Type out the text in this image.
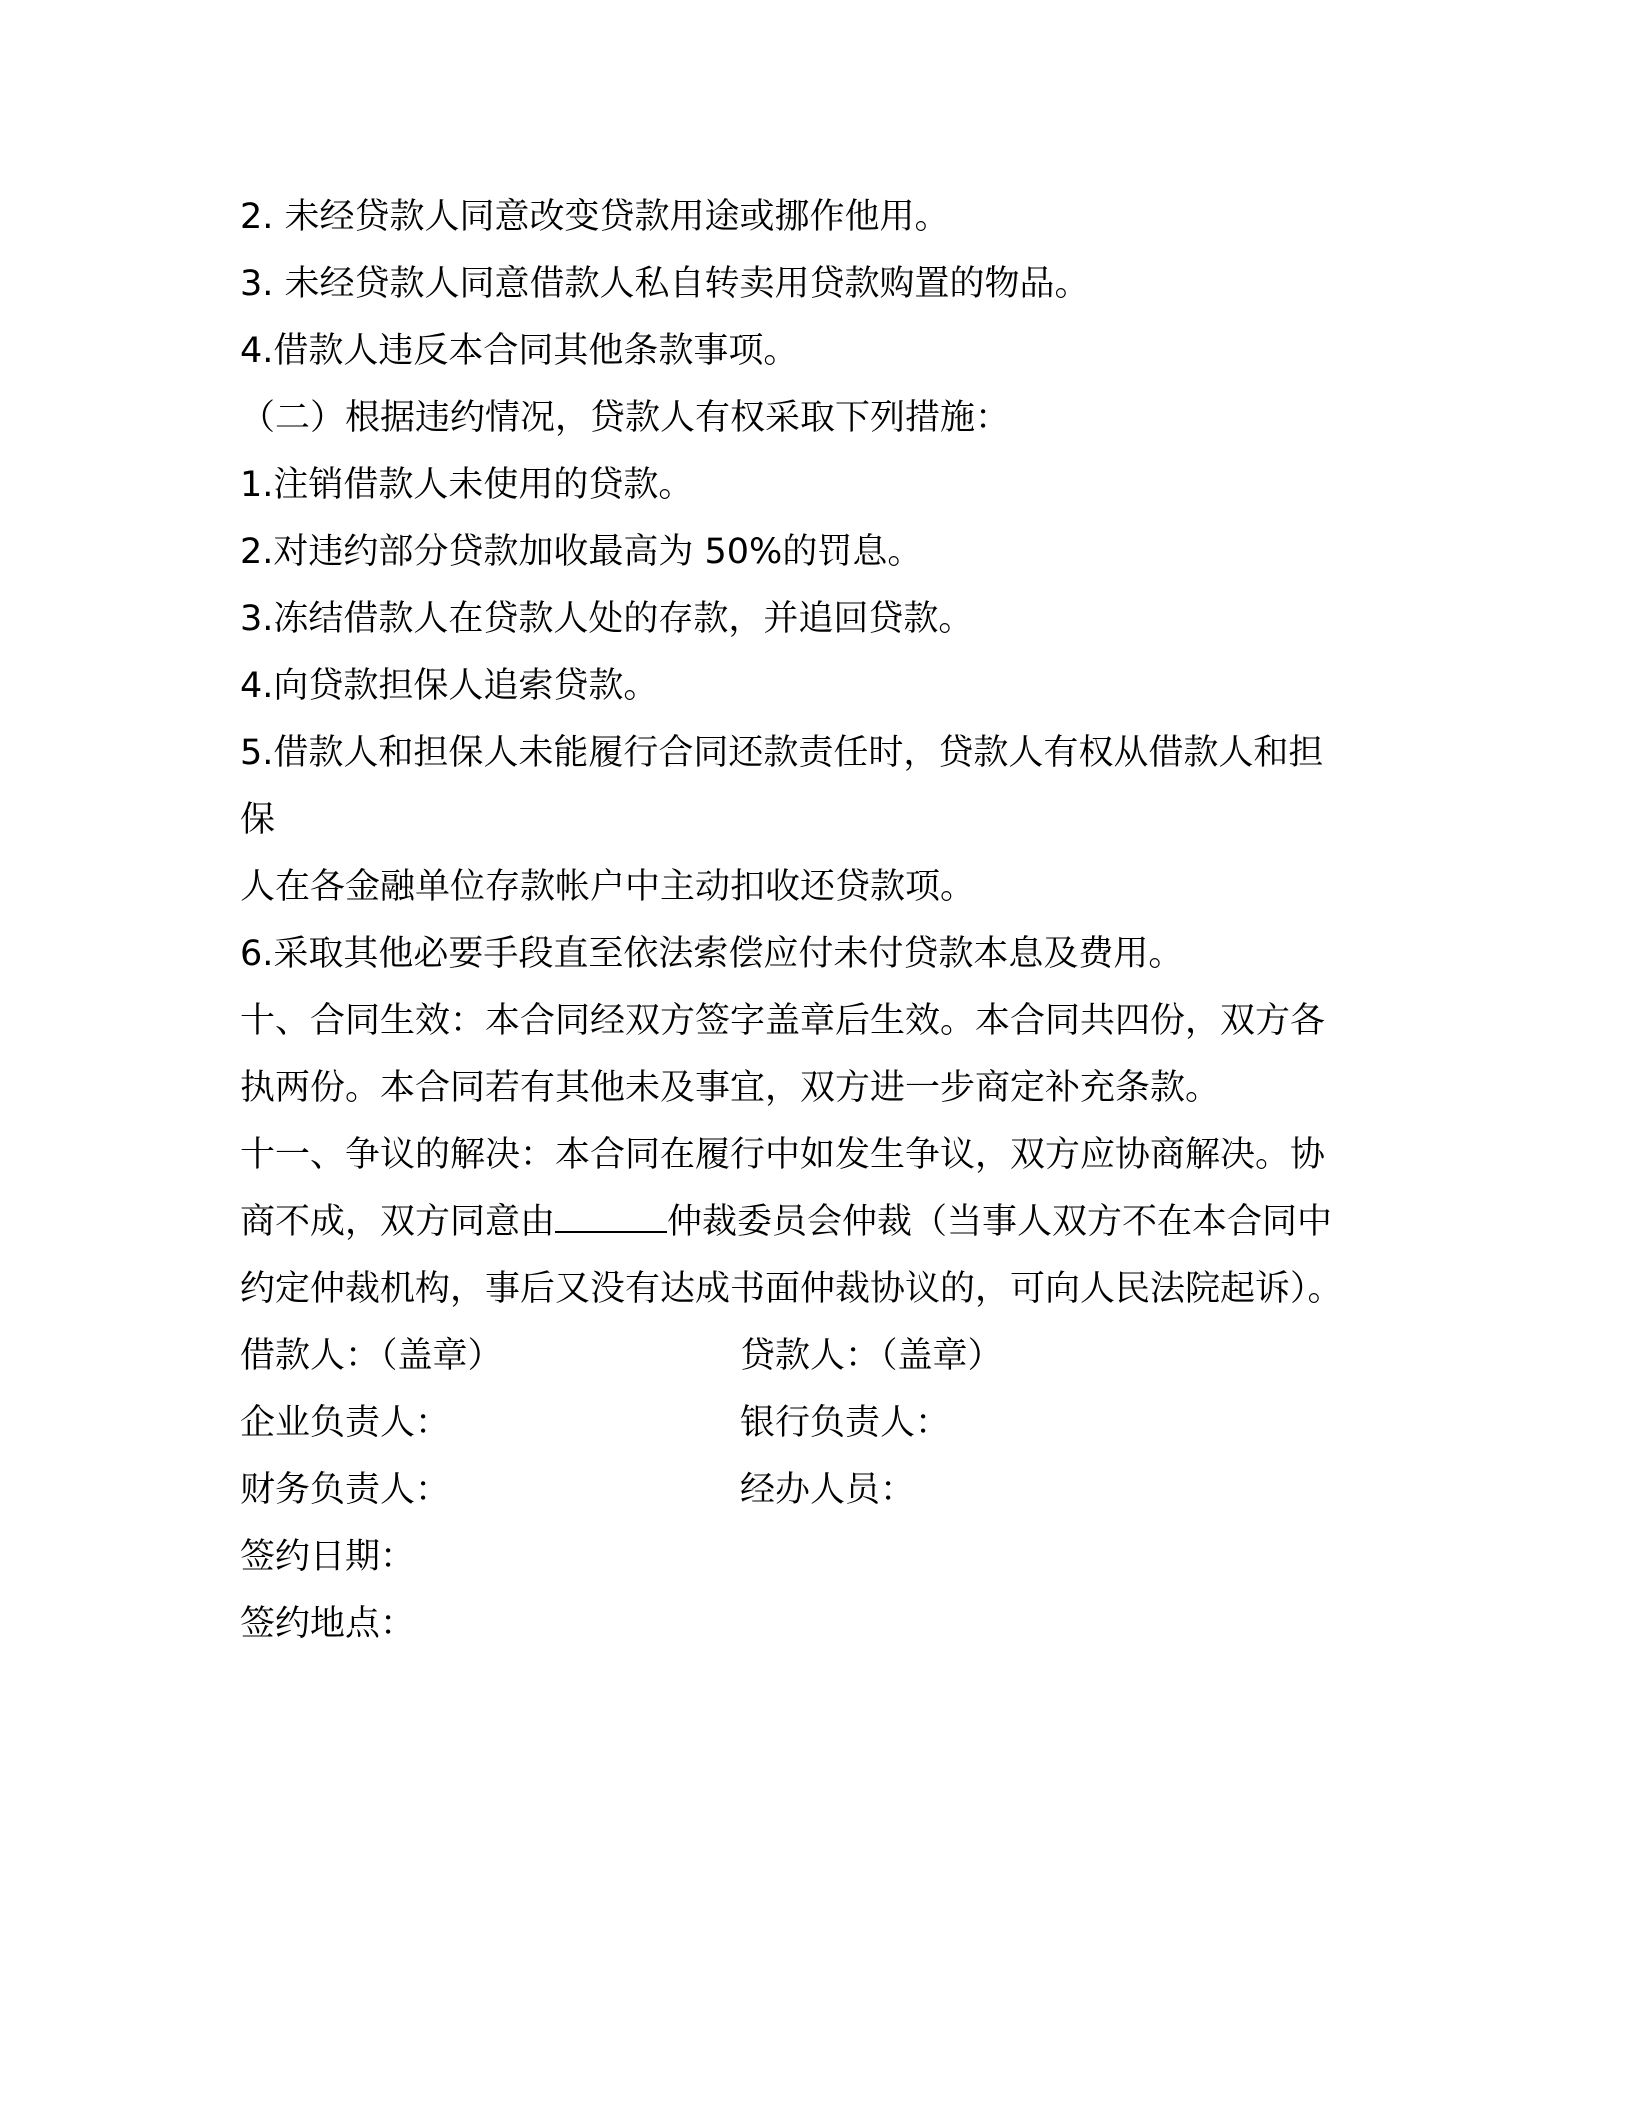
2. 未经贷款人同意改变贷款用途或挪作他用。
3. 未经贷款人同意借款人私自转卖用贷款购置的物品。
4.借款人违反本合同其他条款事项。
（二）根据违约情况，贷款人有权采取下列措施：
1.注销借款人未使用的贷款。
2.对违约部分贷款加收最高为 50%的罚息。
3.冻结借款人在贷款人处的存款，并追回贷款。
4.向贷款担保人追索贷款。
5.借款人和担保人未能履行合同还款责任时，贷款人有权从借款人和担
保
人在各金融单位存款帐户中主动扣收还贷款项。
6.采取其他必要手段直至依法索偿应付未付贷款本息及费用。
十、合同生效：本合同经双方签字盖章后生效。本合同共四份，双方各
执两份。本合同若有其他未及事宜，双方进一步商定补充条款。
十一、争议的解决：本合同在履行中如发生争议，双方应协商解决。协
商不成，双方同意由	仲裁委员会仲裁（当事人双方不在本合同中
约定仲裁机构，事后又没有达成书面仲裁协议的，可向人民法院起诉）。
借款人：（盖章）	贷款人：（盖章）
企业负责人：	银行负责人：
财务负责人：	经办人员：
签约日期：
签约地点：
